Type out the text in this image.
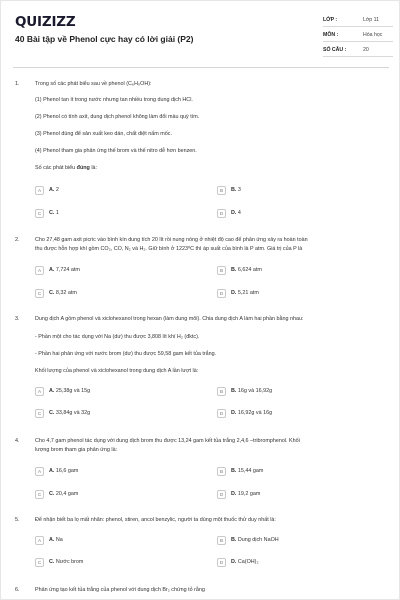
QUIZIZZ
40 Bài tập về Phenol cực hay có lời giải (P2)
LỚP :	Lớp 11
MÔN :	Hóa học
SỐ CÂU :	20
1.	Trong số các phát biểu sau về phenol (C₆H₅OH):
(1) Phenol tan ít trong nước nhưng tan nhiều trong dung dịch HCl.
(2) Phenol có tính axit, dung dịch phenol không làm đổi màu quỳ tím.
(3) Phenol dùng để sản xuất keo dán, chất diệt nấm mốc.
(4) Phenol tham gia phản ứng thế brom và thế nitro dễ hơn benzen.
Số các phát biểu đúng là:
A	A. 2	B	B. 3
C	C. 1	D	D. 4
2.	Cho 27,48 gam axit picric vào bình kín dung tích 20 lít rồi nung nóng ở nhiệt độ cao để phản ứng xảy ra hoàn toàn
thu được hỗn hợp khí gồm CO₂, CO, N₂ và H₂. Giữ bình ở 1223⁰C thì áp suất của bình là P atm. Giá trị của P là
A	A. 7,724 atm	B	B. 6,624 atm
C	C. 8,32 atm	D	D. 5,21 atm
3.	Dung dịch A gồm phenol và xiclohexanol trong hexan (làm dung môi). Chia dung dịch A làm hai phần bằng nhau:
- Phần một cho tác dụng với Na (dư) thu được 3,808 lít khí H₂ (đktc).
- Phần hai phản ứng với nước brom (dư) thu được 59,58 gam kết tủa trắng.
Khối lượng của phenol và xiclohexanol trong dung dịch A lần lượt là:
A	A. 25,38g và 15g	B	B. 16g và 16,92g
C	C. 33,84g và 32g	D	D. 16,92g và 16g
4.	Cho 4,7 gam phenol tác dụng với dung dịch brom thu được 13,24 gam kết tủa trắng 2,4,6 –tribromphenol. Khối
lượng brom tham gia phản ứng là:
A	A. 16,6 gam	B	B. 15,44 gam
C	C. 20,4 gam	D	D. 19,2 gam
5.	Để nhận biết ba lọ mất nhãn: phenol, stiren, ancol benzylic, người ta dùng một thuốc thử duy nhất là:
A	A. Na	B	B. Dung dịch NaOH
C	C. Nước brom	D	D. Ca(OH)₂
6.	Phản ứng tạo kết tủa trắng của phenol với dung dịch Br₂ chứng tỏ rằng
